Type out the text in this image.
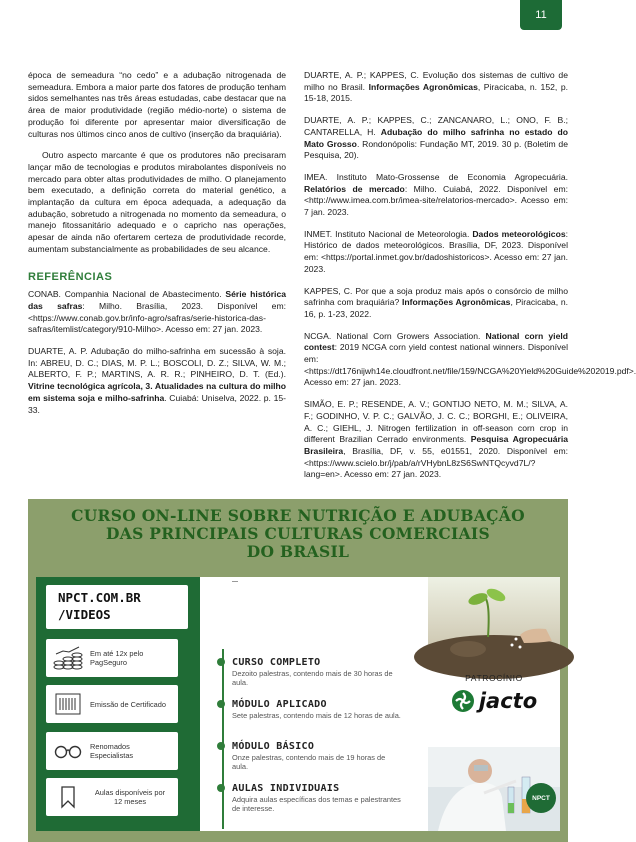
11

época de semeadura “no cedo” e a adubação nitrogenada de semeadura. Embora a maior parte dos fatores de produção tenham sidos semelhantes nas três áreas estudadas, cabe destacar que na área de maior produtividade (região médio-norte) o sistema de produção foi diferente por apresentar maior diversificação de culturas nos últimos cinco anos de cultivo (inserção da braquiária).

Outro aspecto marcante é que os produtores não precisaram lançar mão de tecnologias e produtos mirabolantes disponíveis no mercado para obter altas produtividades de milho. O planejamento bem executado, a definição correta do material genético, a implantação da cultura em época adequada, a adequação da adubação, sobretudo a nitrogenada no momento da semeadura, o manejo fitossanitário adequado e o capricho nas operações, apesar de ainda não ofertarem certeza de produtividade recorde, aumentam substancialmente as probabilidades de seu alcance.

REFERÊNCIAS

CONAB. Companhia Nacional de Abastecimento. Série histórica das safras: Milho. Brasília, 2023. Disponível em: <https://www.conab.gov.br/info-agro/safras/serie-historica-das-safras/itemlist/category/910-Milho>. Acesso em: 27 jan. 2023.

DUARTE, A. P. Adubação do milho-safrinha em sucessão à soja. In: ABREU, D. C.; DIAS, M. P. L.; BOSCOLI, D. Z.; SILVA, W. M.; ALBERTO, F. P.; MARTINS, A. R. R.; PINHEIRO, D. T. (Ed.). Vitrine tecnológica agrícola, 3. Atualidades na cultura do milho em sistema soja e milho-safrinha. Cuiabá: Uniselva, 2022. p. 15-33.

DUARTE, A. P.; KAPPES, C. Evolução dos sistemas de cultivo de milho no Brasil. Informações Agronômicas, Piracicaba, n. 152, p. 15-18, 2015.

DUARTE, A. P.; KAPPES, C.; ZANCANARO, L.; ONO, F. B.; CANTARELLA, H. Adubação do milho safrinha no estado do Mato Grosso. Rondonópolis: Fundação MT, 2019. 30 p. (Boletim de Pesquisa, 20).

IMEA. Instituto Mato-Grossense de Economia Agropecuária. Relatórios de mercado: Milho. Cuiabá, 2022. Disponível em: <http://www.imea.com.br/imea-site/relatorios-mercado>. Acesso em: 7 jan. 2023.

INMET. Instituto Nacional de Meteorologia. Dados meteorológicos: Histórico de dados meteorológicos. Brasília, DF, 2023. Disponível em: <https://portal.inmet.gov.br/dadoshistoricos>. Acesso em: 27 jan. 2023.

KAPPES, C. Por que a soja produz mais após o consórcio de milho safrinha com braquiária? Informações Agronômicas, Piracicaba, n. 16, p. 1-23, 2022.

NCGA. National Corn Growers Association. National corn yield contest: 2019 NCGA corn yield contest national winners. Disponível em: <https://dt176nijwh14e.cloudfront.net/file/159/NCGA%20Yield%20Guide%202019.pdf>. Acesso em: 27 jan. 2023.

SIMÃO, E. P.; RESENDE, A. V.; GONTIJO NETO, M. M.; SILVA, A. F.; GODINHO, V. P. C.; GALVÃO, J. C. C.; BORGHI, E.; OLIVEIRA, A. C.; GIEHL, J. Nitrogen fertilization in off-season corn crop in different Brazilian Cerrado environments. Pesquisa Agropecuária Brasileira, Brasília, DF, v. 55, e01551, 2020. Disponível em: <https://www.scielo.br/j/pab/a/rVHybnL8zS6SwNTQcyvd7L/?lang=en>. Acesso em: 27 jan. 2023.

CURSO ON-LINE SOBRE NUTRIÇÃO E ADUBAÇÃO
DAS PRINCIPAIS CULTURAS COMERCIAIS
DO BRASIL
NPCT.COM.BR
/VIDEOS
Em até 12x pelo PagSeguro
Emissão de Certificado
Renomados Especialistas
Aulas disponíveis por 12 meses
CURSO COMPLETO
Dezoito palestras, contendo mais de 30 horas de aula.
MÓDULO APLICADO
Sete palestras, contendo mais de 12 horas de aula.
MÓDULO BÁSICO
Onze palestras, contendo mais de 19 horas de aula.
AULAS INDIVIDUAIS
Adquira aulas específicas dos temas e palestrantes de interesse.
PATROCÍNIO
jacto
NPCT
